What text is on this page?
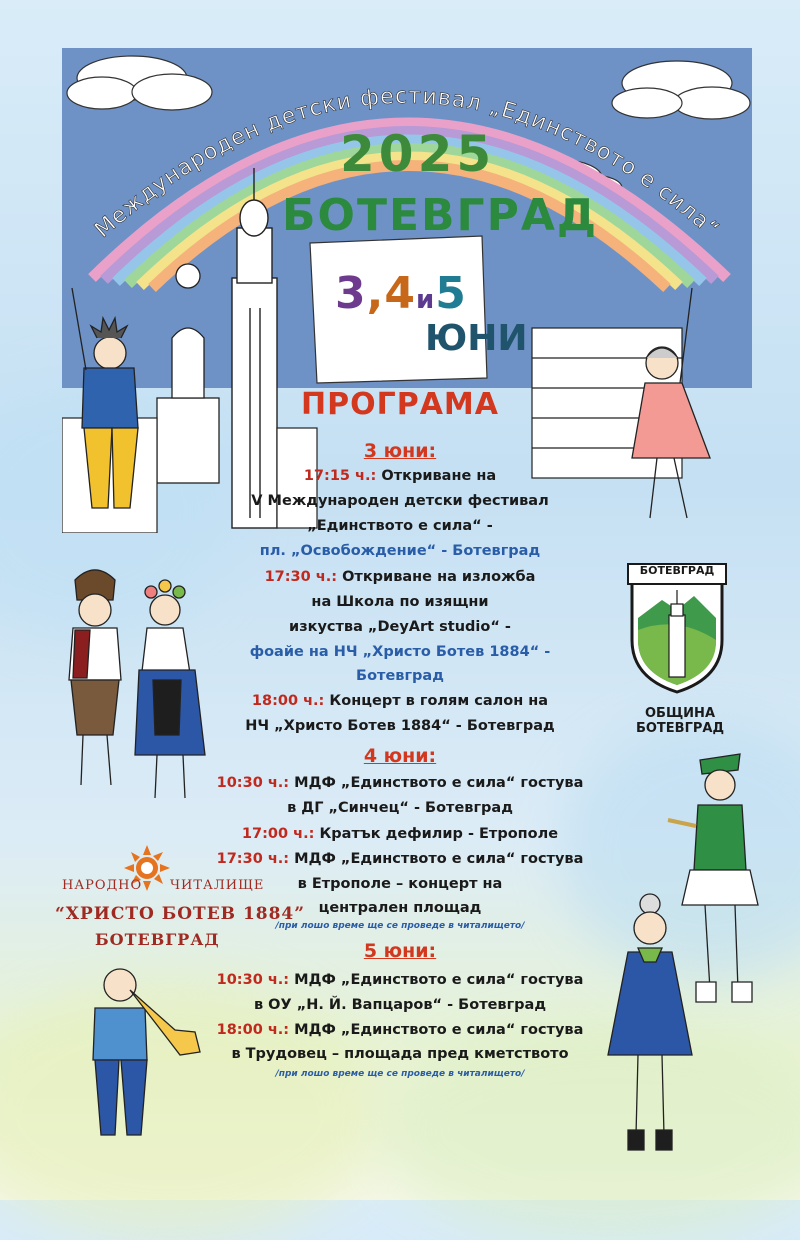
Международен детски фестивал „Единството е сила“
2025
БОТЕВГРАД
3,4и5
ЮНИ
ПРОГРАМА
3 юни:
17:15 ч.: Откриване на
V Международен детски фестивал
„Единството е сила“ -
пл. „Освобождение“ - Ботевград
17:30 ч.: Откриване на изложба
на Школа по изящни
изкуства „DeyArt studio“ -
фоайе на НЧ „Христо Ботев 1884“ -
Ботевград
18:00 ч.: Концерт в голям салон на
НЧ „Христо Ботев 1884“ - Ботевград
4 юни:
10:30 ч.: МДФ „Единството е сила“ гостува
в ДГ „Синчец“ - Ботевград
17:00 ч.: Кратък дефилир - Етрополе
17:30 ч.: МДФ „Единството е сила“ гостува
в Етрополе – концерт на
централен площад
/при лошо време ще се проведе в читалището/
5 юни:
10:30 ч.: МДФ „Единството е сила“ гостува
в ОУ „Н. Й. Вапцаров“ - Ботевград
18:00 ч.: МДФ „Единството е сила“ гостува
в Трудовец – площада пред кметството
/при лошо време ще се проведе в читалището/
БОТЕВГРАД
ОБЩИНА БОТЕВГРАД
НАРОДНО ЧИТАЛИЩЕ
“ХРИСТО БОТЕВ 1884”
БОТЕВГРАД
